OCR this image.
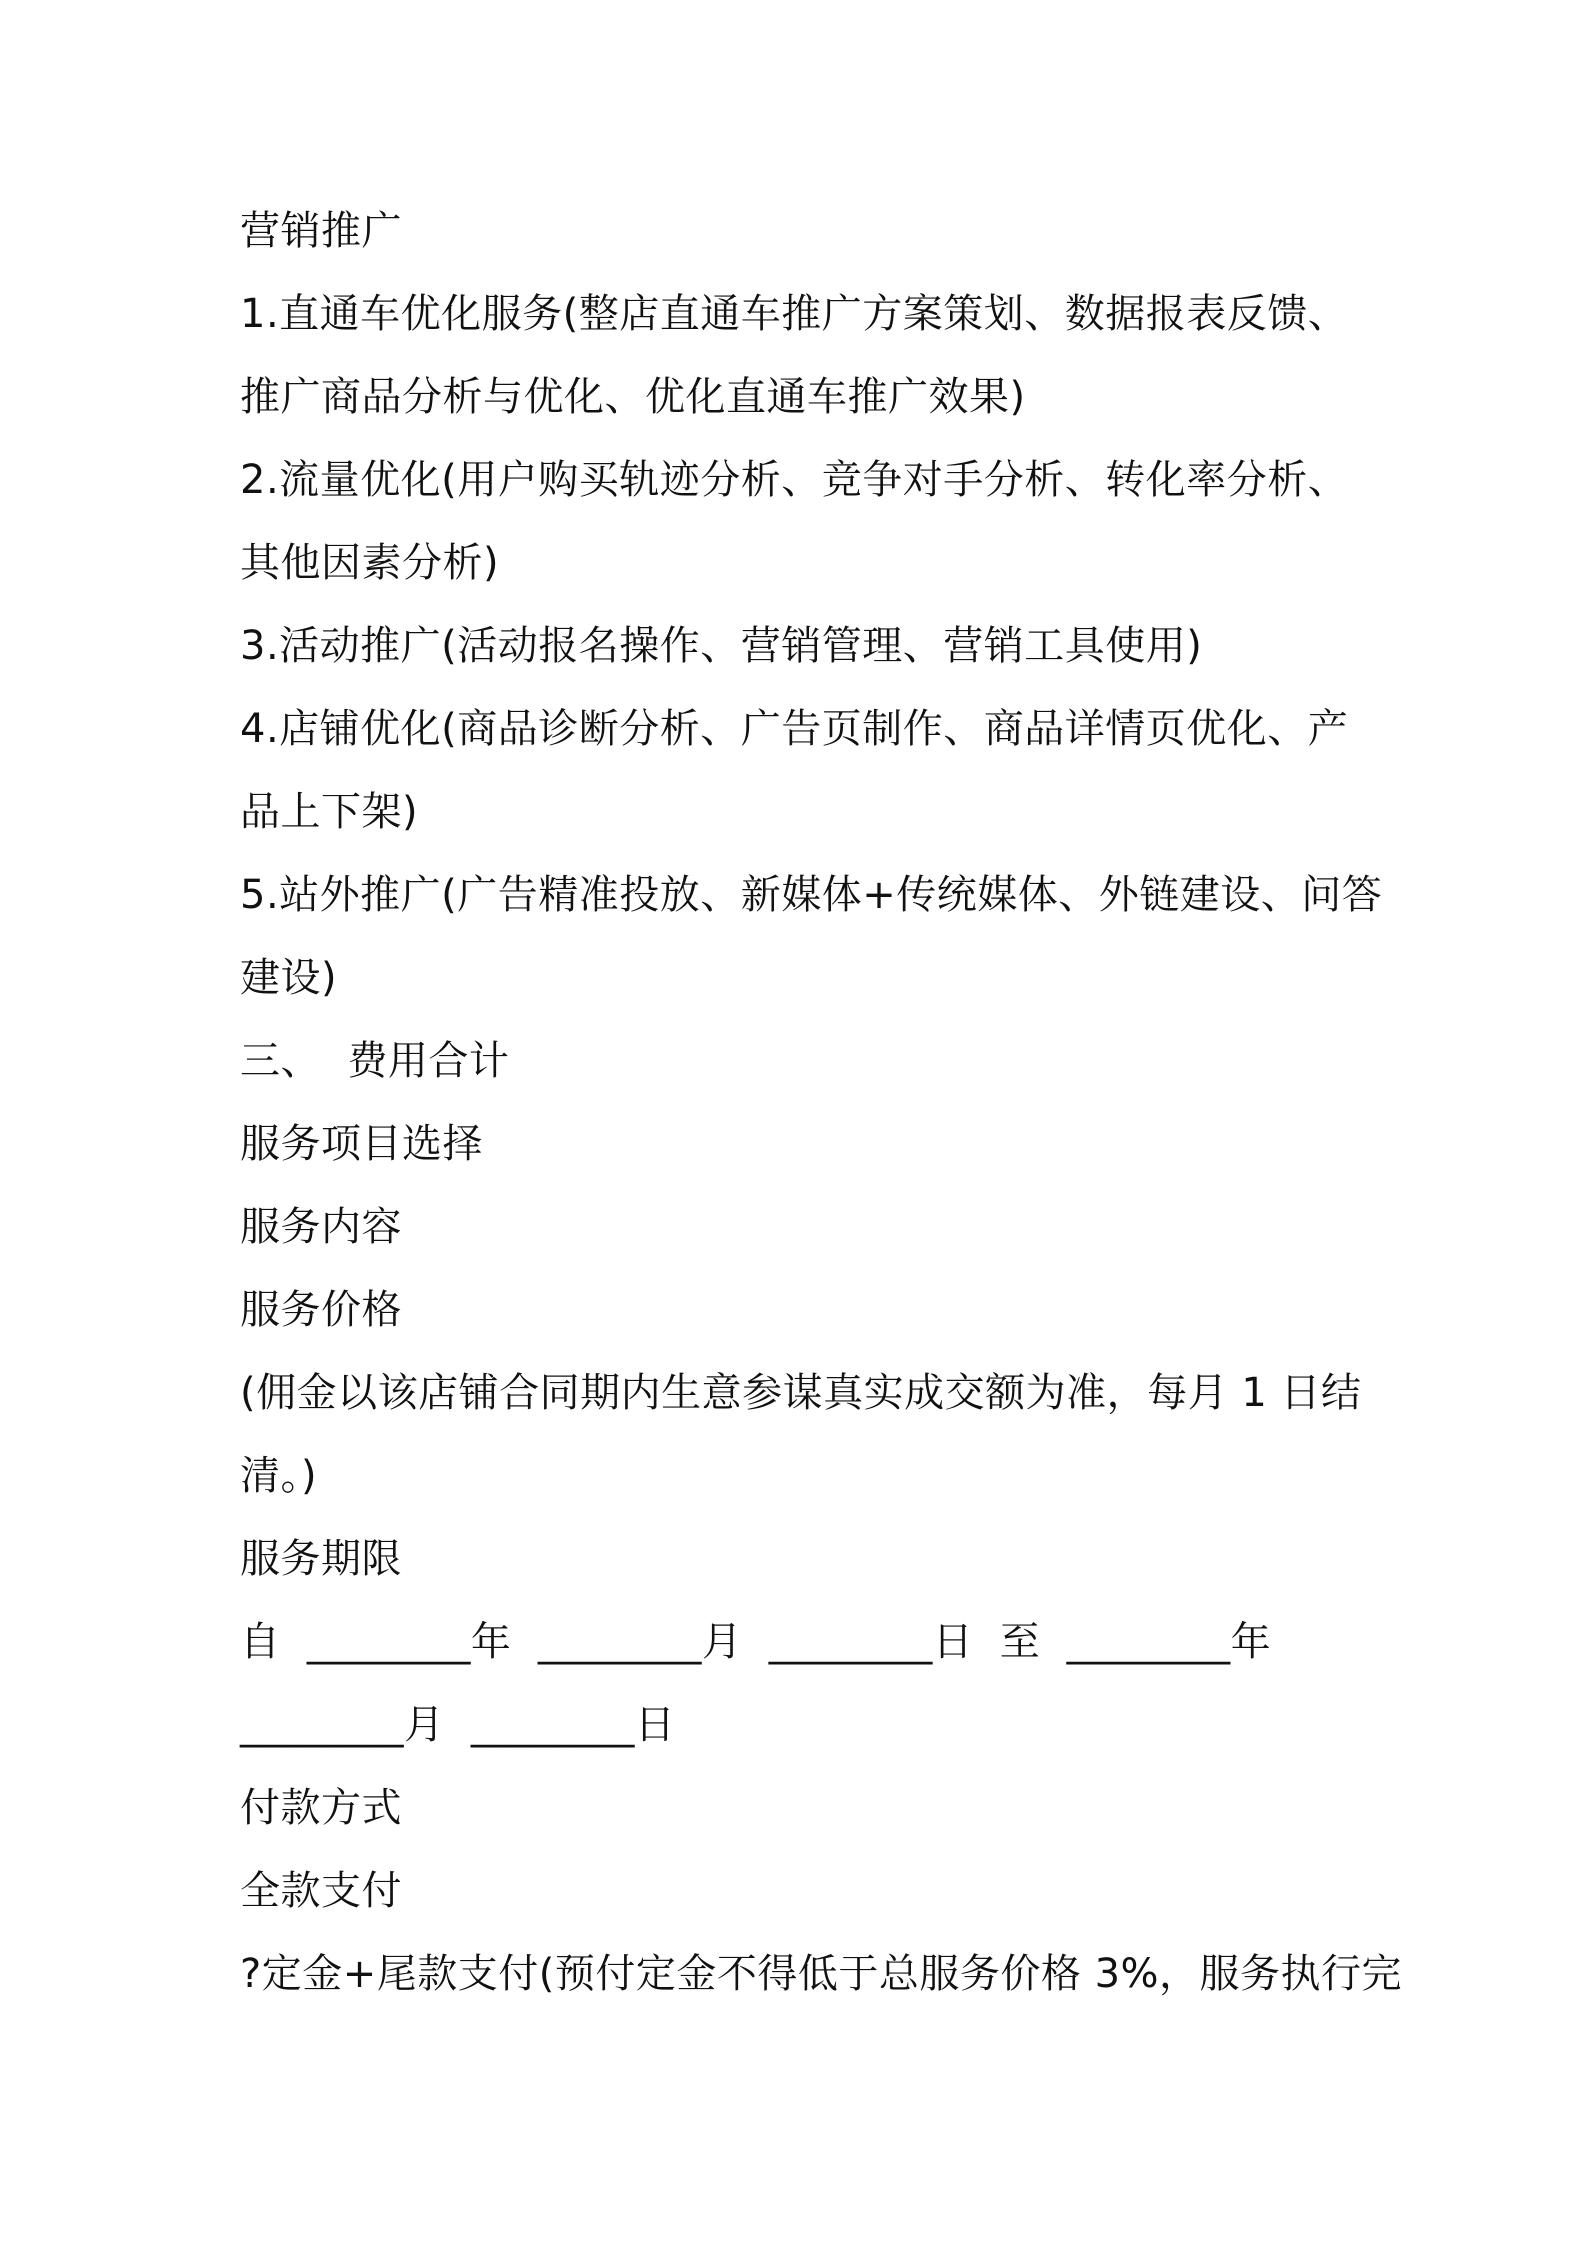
营销推广

1.直通车优化服务(整店直通车推广方案策划、数据报表反馈、

推广商品分析与优化、优化直通车推广效果)

2.流量优化(用户购买轨迹分析、竞争对手分析、转化率分析、

其他因素分析)

3.活动推广(活动报名操作、营销管理、营销工具使用)

4.店铺优化(商品诊断分析、广告页制作、商品详情页优化、产

品上下架)

5.站外推广(广告精准投放、新媒体+传统媒体、外链建设、问答

建设)

三、  费用合计

服务项目选择

服务内容

服务价格

(佣金以该店铺合同期内生意参谋真实成交额为准，每月 1 日结

清。)

服务期限

自  ________年  ________月  ________日  至  ________年

________月  ________日

付款方式

全款支付

?定金+尾款支付(预付定金不得低于总服务价格 3%，服务执行完
